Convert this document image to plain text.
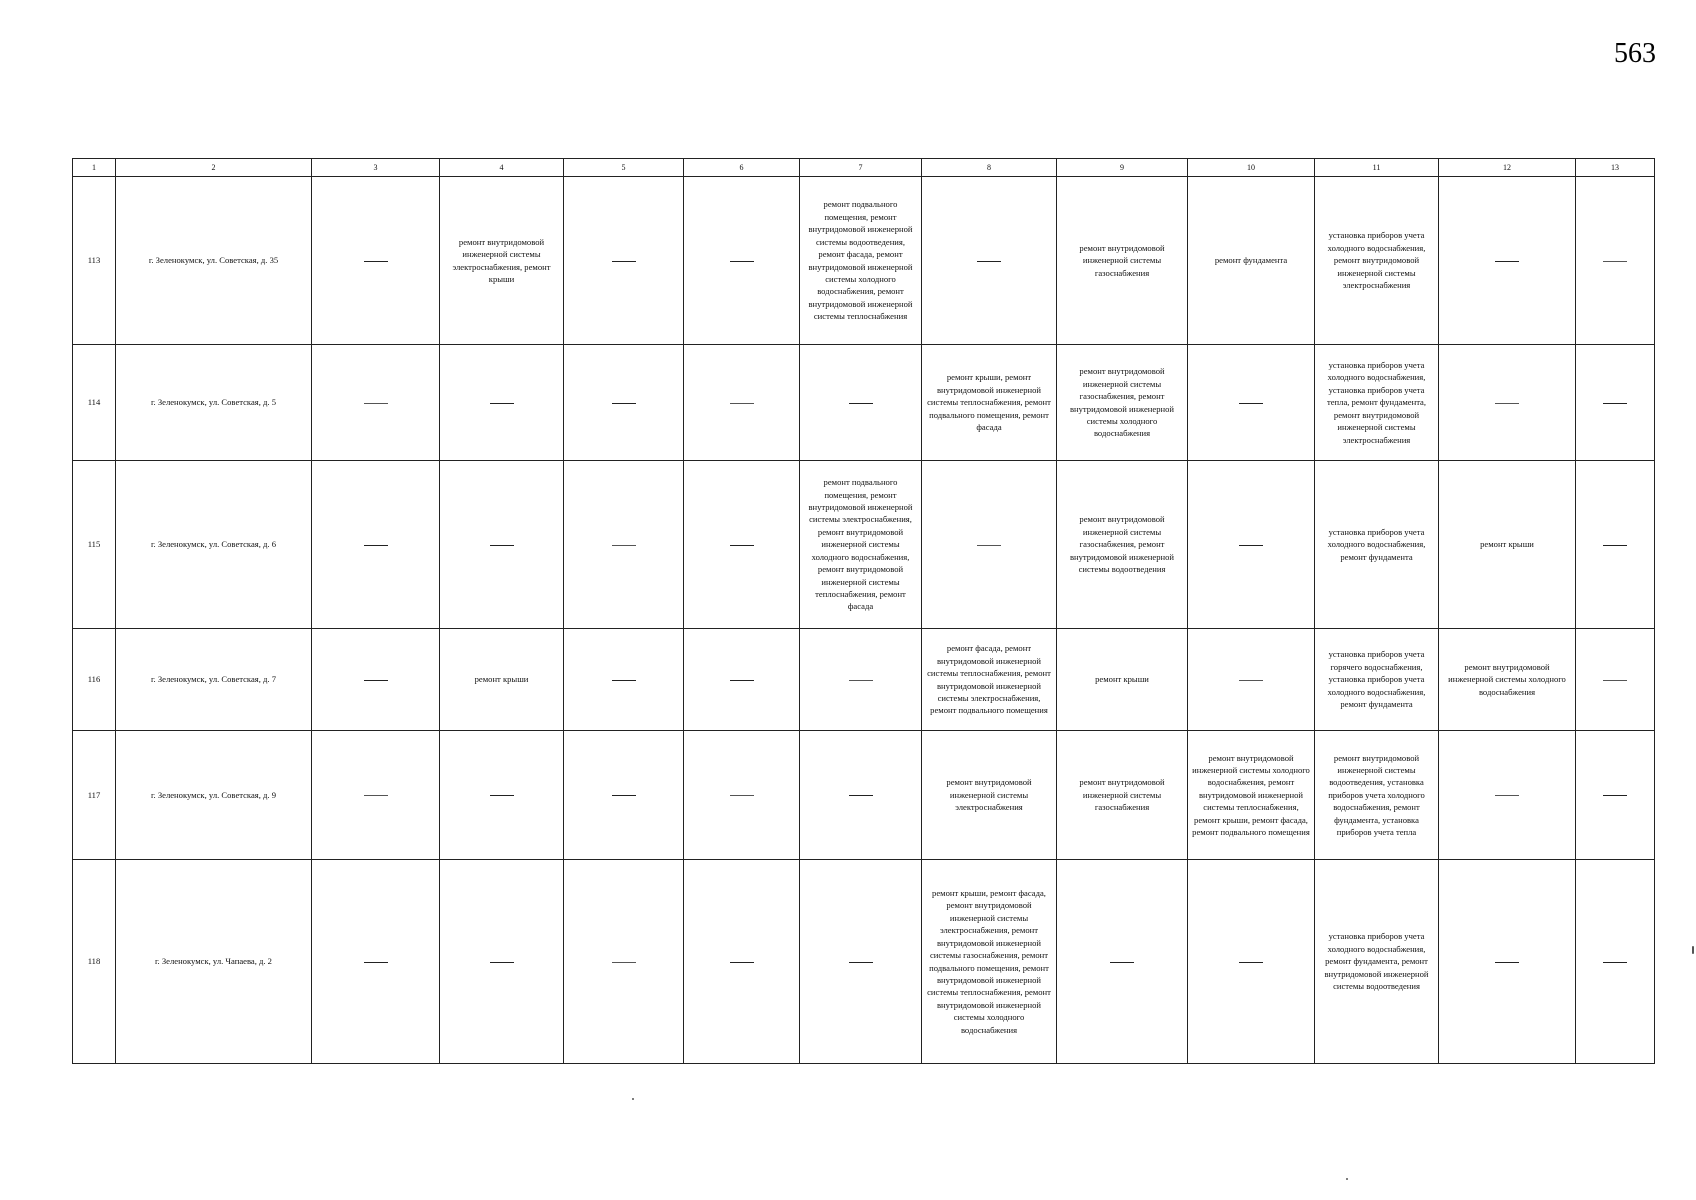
563
1	2	3	4	5	6	7	8	9	10	11	12	13
113	г. Зеленокумск, ул. Советская, д. 35		ремонт внутридомовой инженерной системы электроснабжения, ремонт крыши			ремонт подвального помещения, ремонт внутридомовой инженерной системы водоотведения, ремонт фасада, ремонт внутридомовой инженерной системы холодного водоснабжения, ремонт внутридомовой инженерной системы теплоснабжения		ремонт внутридомовой инженерной системы газоснабжения	ремонт фундамента	установка приборов учета холодного водоснабжения, ремонт внутридомовой инженерной системы электроснабжения		
114	г. Зеленокумск, ул. Советская, д. 5						ремонт крыши, ремонт внутридомовой инженерной системы теплоснабжения, ремонт подвального помещения, ремонт фасада	ремонт внутридомовой инженерной системы газоснабжения, ремонт внутридомовой инженерной системы холодного водоснабжения		установка приборов учета холодного водоснабжения, установка приборов учета тепла, ремонт фундамента, ремонт внутридомовой инженерной системы электроснабжения		
115	г. Зеленокумск, ул. Советская, д. 6					ремонт подвального помещения, ремонт внутридомовой инженерной системы электроснабжения, ремонт внутридомовой инженерной системы холодного водоснабжения, ремонт внутридомовой инженерной системы теплоснабжения, ремонт фасада		ремонт внутридомовой инженерной системы газоснабжения, ремонт внутридомовой инженерной системы водоотведения		установка приборов учета холодного водоснабжения, ремонт фундамента	ремонт крыши	
116	г. Зеленокумск, ул. Советская, д. 7		ремонт крыши				ремонт фасада, ремонт внутридомовой инженерной системы теплоснабжения, ремонт внутридомовой инженерной системы электроснабжения, ремонт подвального помещения	ремонт крыши		установка приборов учета горячего водоснабжения, установка приборов учета холодного водоснабжения, ремонт фундамента	ремонт внутридомовой инженерной системы холодного водоснабжения	
117	г. Зеленокумск, ул. Советская, д. 9						ремонт внутридомовой инженерной системы электроснабжения	ремонт внутридомовой инженерной системы газоснабжения	ремонт внутридомовой инженерной системы холодного водоснабжения, ремонт внутридомовой инженерной системы теплоснабжения, ремонт крыши, ремонт фасада, ремонт подвального помещения	ремонт внутридомовой инженерной системы водоотведения, установка приборов учета холодного водоснабжения, ремонт фундамента, установка приборов учета тепла		
118	г. Зеленокумск, ул. Чапаева, д. 2						ремонт крыши, ремонт фасада, ремонт внутридомовой инженерной системы электроснабжения, ремонт внутридомовой инженерной системы газоснабжения, ремонт подвального помещения, ремонт внутридомовой инженерной системы теплоснабжения, ремонт внутридомовой инженерной системы холодного водоснабжения			установка приборов учета холодного водоснабжения, ремонт фундамента, ремонт внутридомовой инженерной системы водоотведения		
